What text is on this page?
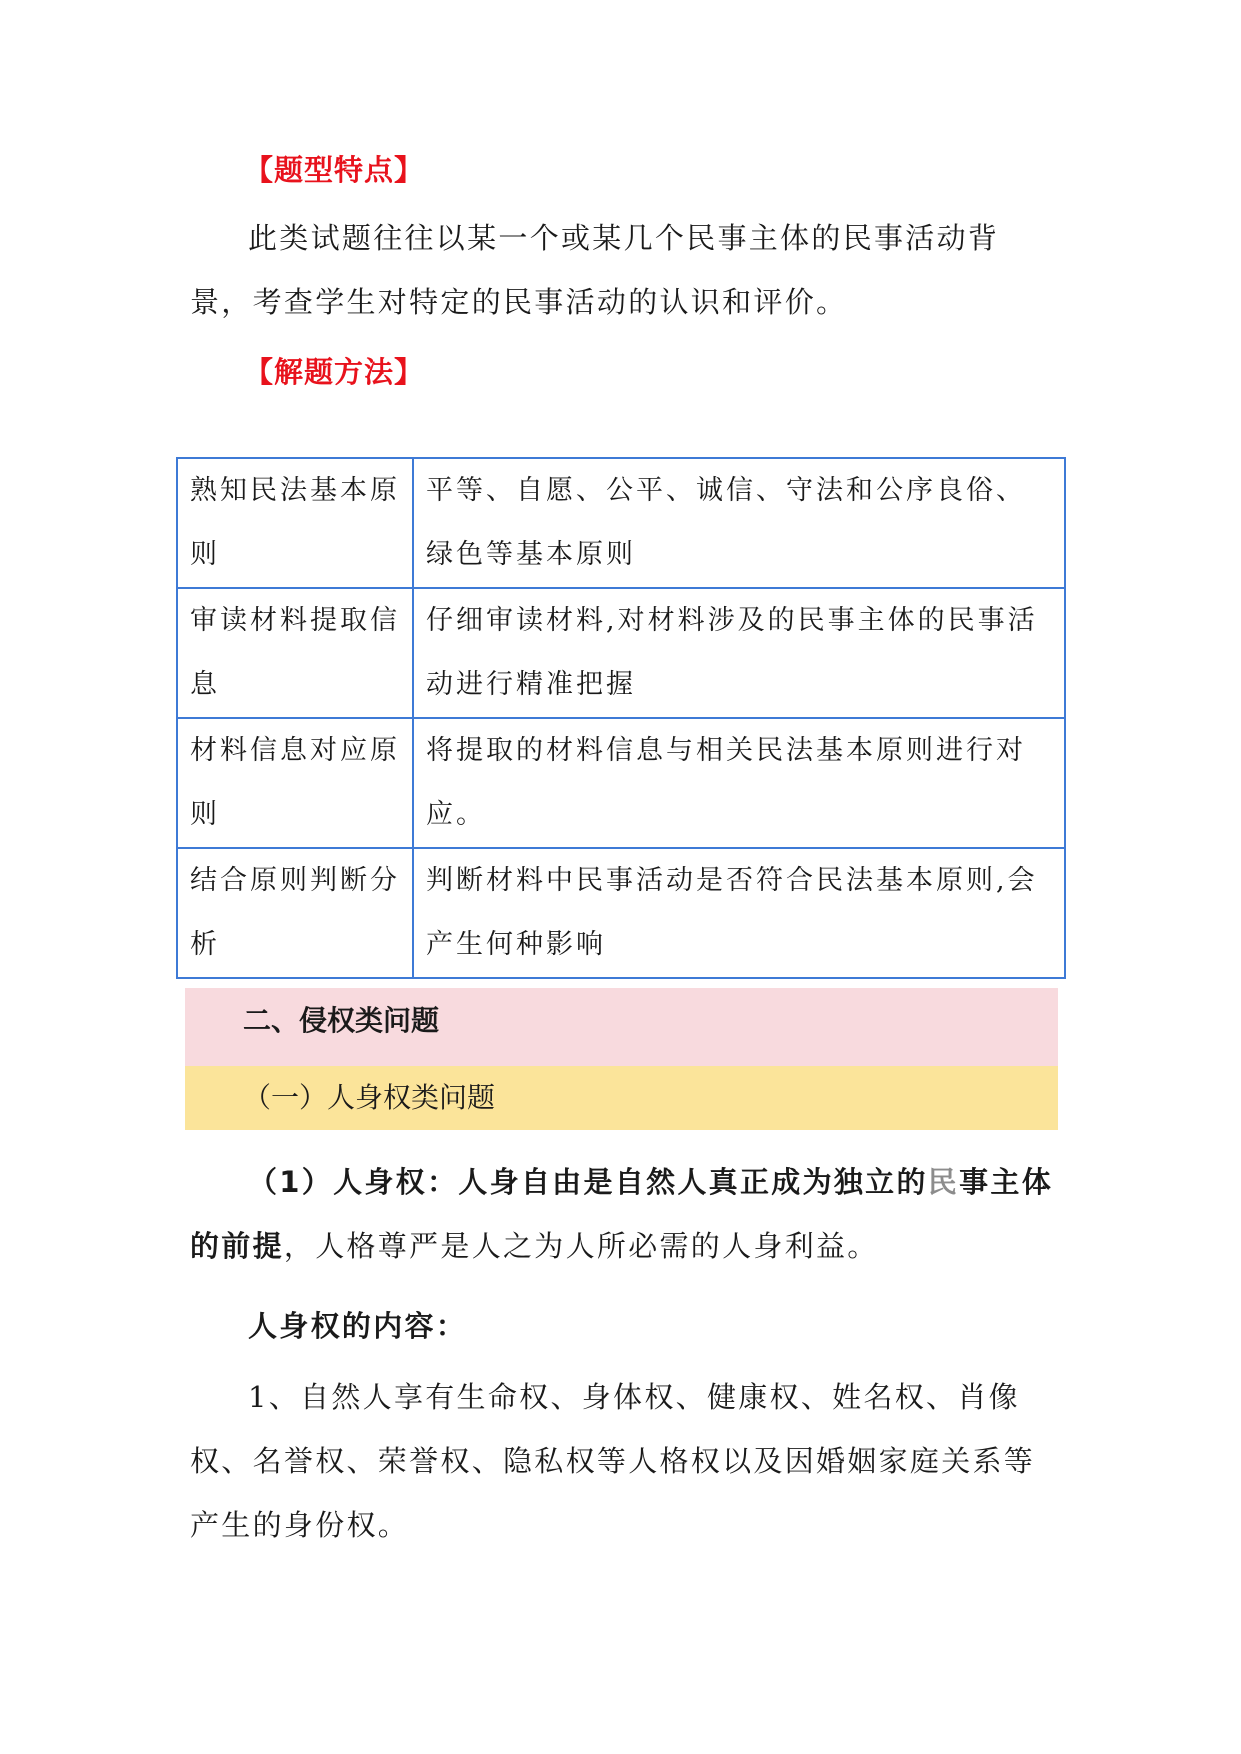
【题型特点】

此类试题往往以某一个或某几个民事主体的民事活动背景，考查学生对特定的民事活动的认识和评价。

【解题方法】
熟知民法基本原则	平等、自愿、公平、诚信、守法和公序良俗、绿色等基本原则
审读材料提取信息	仔细审读材料,对材料涉及的民事主体的民事活动进行精准把握
材料信息对应原则	将提取的材料信息与相关民法基本原则进行对应。
结合原则判断分析	判断材料中民事活动是否符合民法基本原则,会产生何种影响
二、侵权类问题
（一）人身权类问题

（1）人身权：人身自由是自然人真正成为独立的民事主体的前提，人格尊严是人之为人所必需的人身利益。

人身权的内容：

1、自然人享有生命权、身体权、健康权、姓名权、肖像权、名誉权、荣誉权、隐私权等人格权以及因婚姻家庭关系等产生的身份权。
